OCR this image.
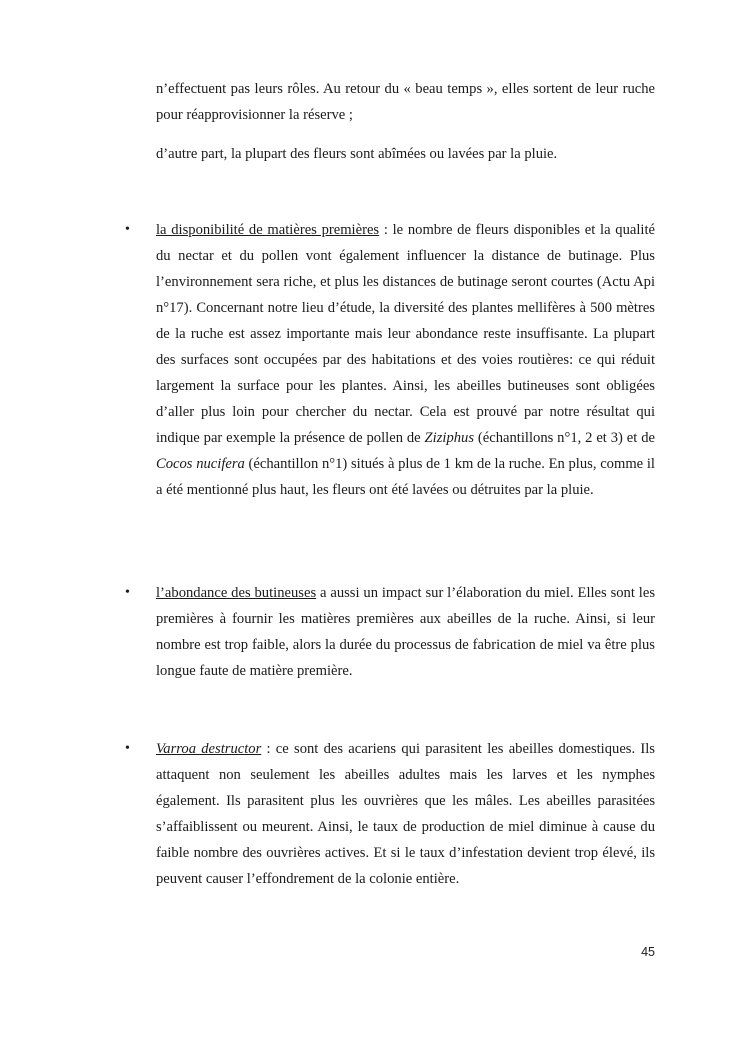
n’effectuent pas leurs rôles. Au retour du « beau temps », elles sortent de leur ruche pour réapprovisionner la réserve ;

d’autre part, la plupart des fleurs sont abîmées ou lavées par la pluie.

• la disponibilité de matières premières : le nombre de fleurs disponibles et la qualité du nectar et du pollen vont également influencer la distance de butinage. Plus l’environnement sera riche, et plus les distances de butinage seront courtes (Actu Api n°17). Concernant notre lieu d’étude, la diversité des plantes mellifères à 500 mètres de la ruche est assez importante mais leur abondance reste insuffisante. La plupart des surfaces sont occupées par des habitations et des voies routières: ce qui réduit largement la surface pour les plantes. Ainsi, les abeilles butineuses sont obligées d’aller plus loin pour chercher du nectar. Cela est prouvé par notre résultat qui indique par exemple la présence de pollen de Ziziphus (échantillons n°1, 2 et 3) et de Cocos nucifera (échantillon n°1) situés à plus de 1 km de la ruche. En plus, comme il a été mentionné plus haut, les fleurs ont été lavées ou détruites par la pluie.

• l’abondance des butineuses a aussi un impact sur l’élaboration du miel. Elles sont les premières à fournir les matières premières aux abeilles de la ruche. Ainsi, si leur nombre est trop faible, alors la durée du processus de fabrication de miel va être plus longue faute de matière première.

• Varroa destructor : ce sont des acariens qui parasitent les abeilles domestiques. Ils attaquent non seulement les abeilles adultes mais les larves et les nymphes également. Ils parasitent plus les ouvrières que les mâles. Les abeilles parasitées s’affaiblissent ou meurent. Ainsi, le taux de production de miel diminue à cause du faible nombre des ouvrières actives. Et si le taux d’infestation devient trop élevé, ils peuvent causer l’effondrement de la colonie entière.

45
